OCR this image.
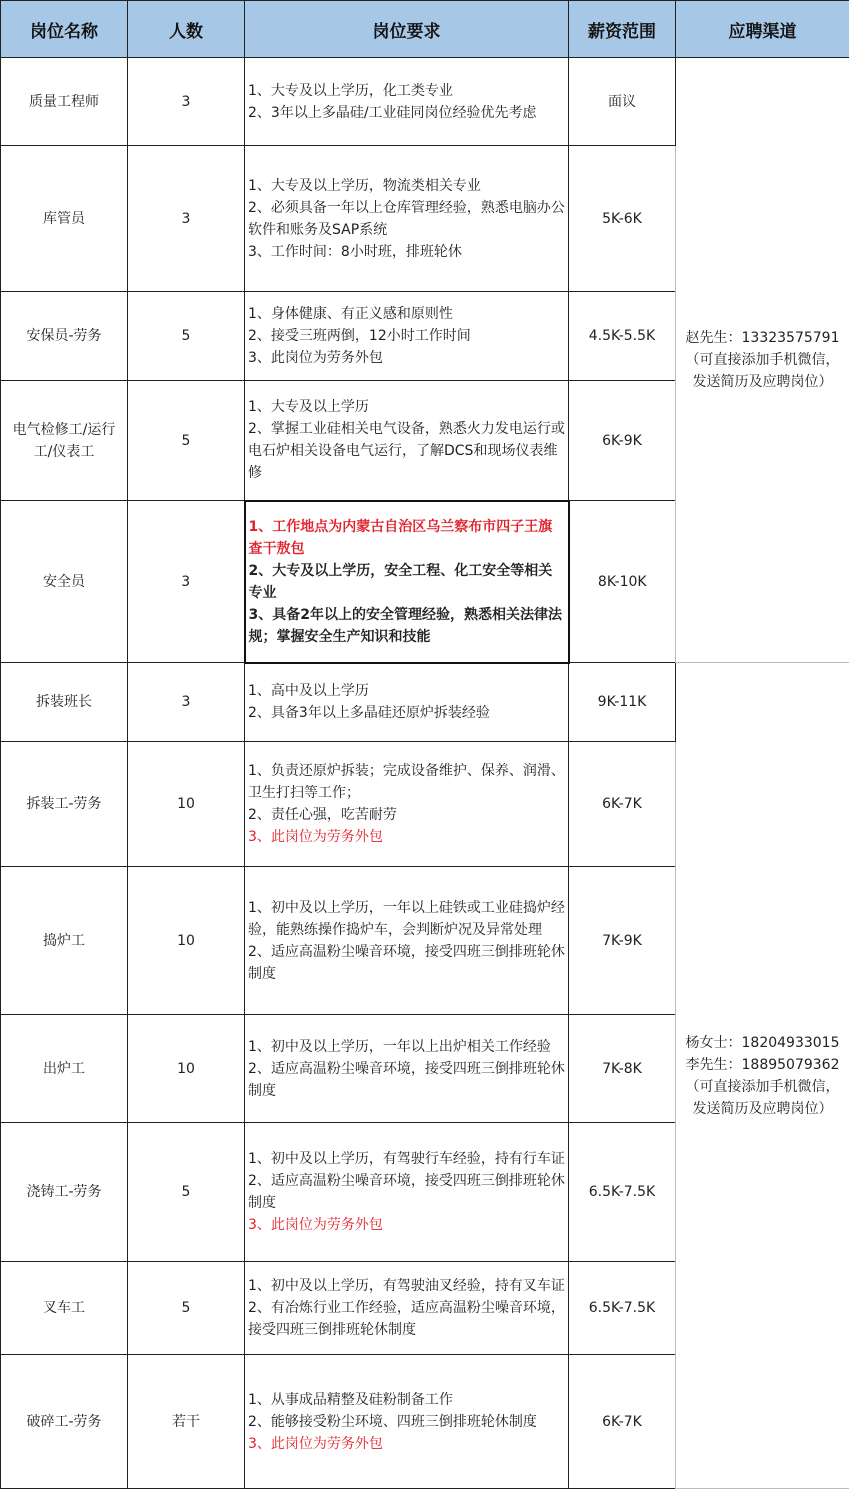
岗位名称	人数	岗位要求	薪资范围	应聘渠道
质量工程师	3	1、大专及以上学历，化工类专业
2、3年以上多晶硅/工业硅同岗位经验优先考虑	面议	赵先生：13323575791
（可直接添加手机微信，
发送简历及应聘岗位）

库管员	3	1、大专及以上学历，物流类相关专业
2、必须具备一年以上仓库管理经验，熟悉电脑办公软件和账务及SAP系统
3、工作时间：8小时班，排班轮休	5K-6K	
安保员-劳务	5	1、身体健康、有正义感和原则性
2、接受三班两倒，12小时工作时间
3、此岗位为劳务外包	4.5K-5.5K	
电气检修工/运行工/仪表工	5	1、大专及以上学历
2、掌握工业硅相关电气设备，熟悉火力发电运行或电石炉相关设备电气运行，了解DCS和现场仪表维修	6K-9K	
安全员	3	1、工作地点为内蒙古自治区乌兰察布市四子王旗查干敖包
2、大专及以上学历，安全工程、化工安全等相关专业
3、具备2年以上的安全管理经验，熟悉相关法律法规；掌握安全生产知识和技能	8K-10K	
拆装班长	3	1、高中及以上学历
2、具备3年以上多晶硅还原炉拆装经验	9K-11K	杨女士：18204933015
李先生：18895079362
（可直接添加手机微信，
发送简历及应聘岗位）

拆装工-劳务	10	1、负责还原炉拆装；完成设备维护、保养、润滑、卫生打扫等工作；
2、责任心强，吃苦耐劳
3、此岗位为劳务外包	6K-7K	
捣炉工	10	1、初中及以上学历，一年以上硅铁或工业硅捣炉经验，能熟练操作捣炉车，会判断炉况及异常处理
2、适应高温粉尘噪音环境，接受四班三倒排班轮休制度	7K-9K	
出炉工	10	1、初中及以上学历，一年以上出炉相关工作经验
2、适应高温粉尘噪音环境，接受四班三倒排班轮休制度	7K-8K	
浇铸工-劳务	5	1、初中及以上学历，有驾驶行车经验，持有行车证
2、适应高温粉尘噪音环境，接受四班三倒排班轮休制度
3、此岗位为劳务外包	6.5K-7.5K	
叉车工	5	1、初中及以上学历，有驾驶油叉经验，持有叉车证
2、有冶炼行业工作经验，适应高温粉尘噪音环境，接受四班三倒排班轮休制度	6.5K-7.5K	
破碎工-劳务	若干	1、从事成品精整及硅粉制备工作
2、能够接受粉尘环境、四班三倒排班轮休制度
3、此岗位为劳务外包	6K-7K	
